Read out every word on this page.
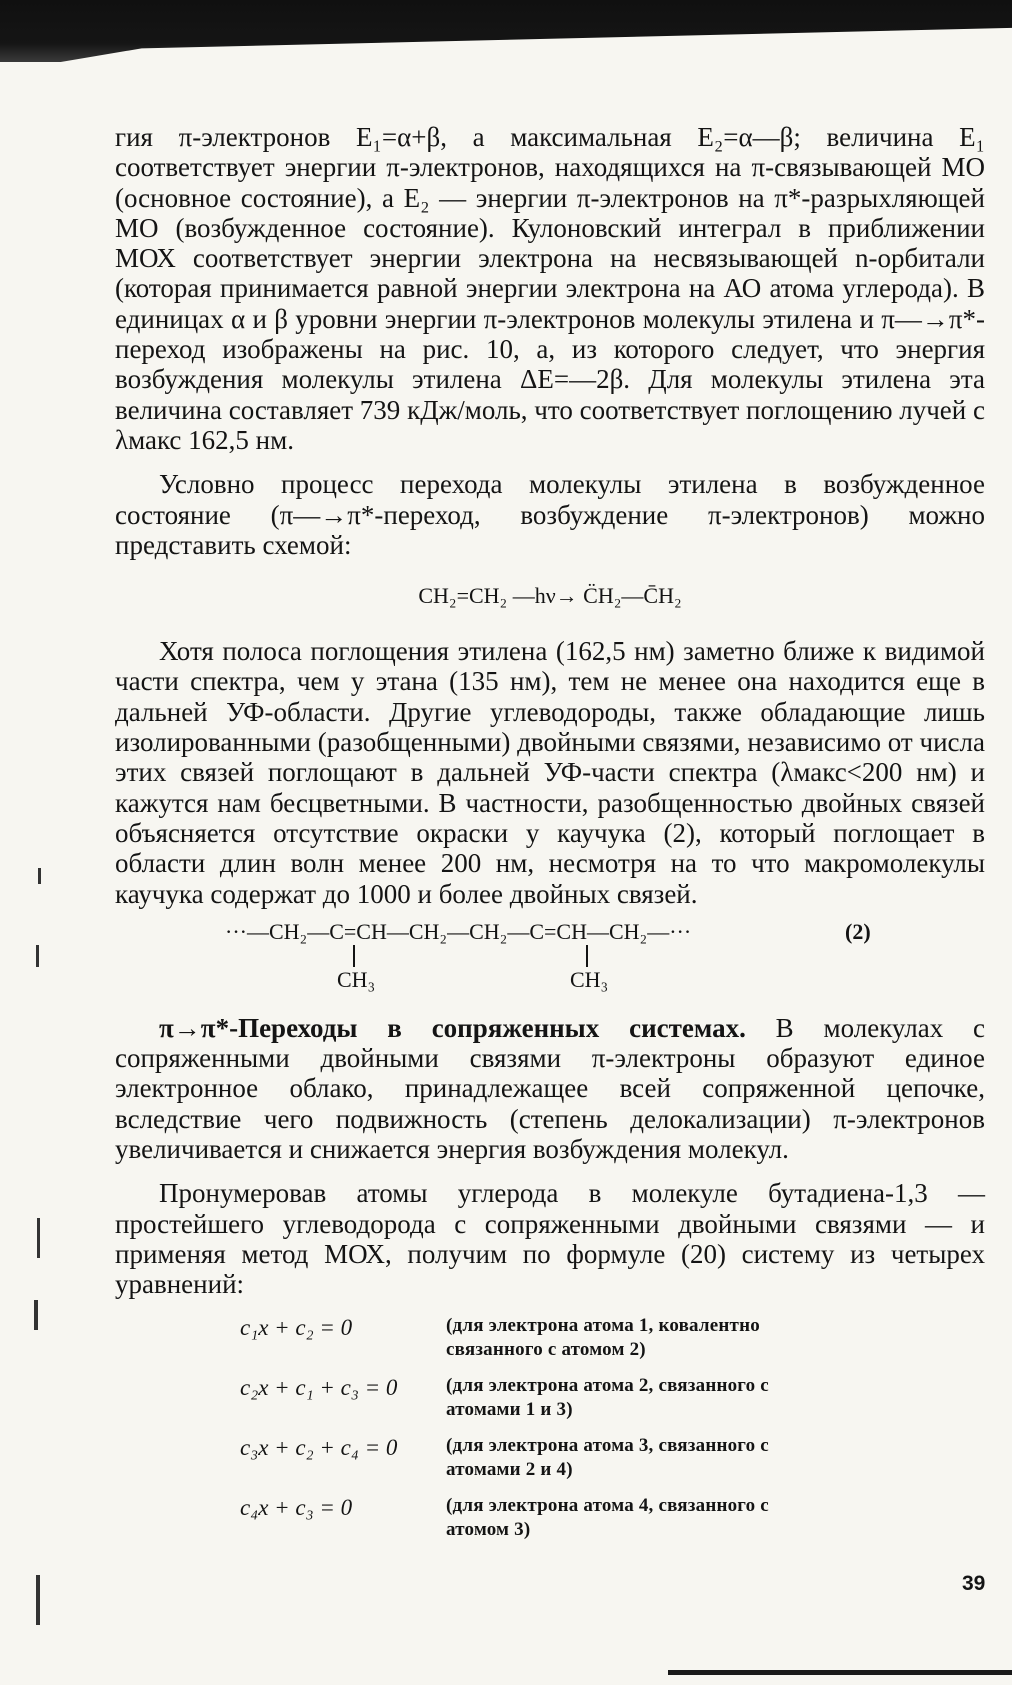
гия π-электронов E₁=α+β, а максимальная E₂=α—β; величина E₁ соответствует энергии π-электронов, находящихся на π-связывающей МО (основное состояние), а E₂ — энергии π-электронов на π*-разрыхляющей МО (возбужденное состояние). Кулоновский интеграл в приближении МОХ соответствует энергии электрона на несвязывающей n-орбитали (которая принимается равной энергии электрона на АО атома углерода). В единицах α и β уровни энергии π-электронов молекулы этилена и π—→π*-переход изображены на рис. 10, а, из которого следует, что энергия возбуждения молекулы этилена ΔE=—2β. Для молекулы этилена эта величина составляет 739 кДж/моль, что соответствует поглощению лучей с λмакс 162,5 нм.

Условно процесс перехода молекулы этилена в возбужденное состояние (π—→π*-переход, возбуждение π-электронов) можно представить схемой:

CH₂=CH₂ —hν→ C̈H₂—C̄H₂

Хотя полоса поглощения этилена (162,5 нм) заметно ближе к видимой части спектра, чем у этана (135 нм), тем не менее она находится еще в дальней УФ-области. Другие углеводороды, также обладающие лишь изолированными (разобщенными) двойными связями, независимо от числа этих связей поглощают в дальней УФ-части спектра (λмакс<200 нм) и кажутся нам бесцветными. В частности, разобщенностью двойных связей объясняется отсутствие окраски у каучука (2), который поглощает в области длин волн менее 200 нм, несмотря на то что макромолекулы каучука содержат до 1000 и более двойных связей.

···—CH₂—C=CH—CH₂—CH₂—C=CH—CH₂—···	(2)
CH₃	CH₃

π→π*-Переходы в сопряженных системах. В молекулах с сопряженными двойными связями π-электроны образуют единое электронное облако, принадлежащее всей сопряженной цепочке, вследствие чего подвижность (степень делокализации) π-электронов увеличивается и снижается энергия возбуждения молекул.

Пронумеровав атомы углерода в молекуле бутадиена-1,3 — простейшего углеводорода с сопряженными двойными связями — и применяя метод МОХ, получим по формуле (20) систему из четырех уравнений:

c₁x + c₂ = 0	(для электрона атома 1, ковалентно связанного с атомом 2)
c₂x + c₁ + c₃ = 0	(для электрона атома 2, связанного с атомами 1 и 3)
c₃x + c₂ + c₄ = 0	(для электрона атома 3, связанного с атомами 2 и 4)
c₄x + c₃ = 0	(для электрона атома 4, связанного с атомом 3)
39
